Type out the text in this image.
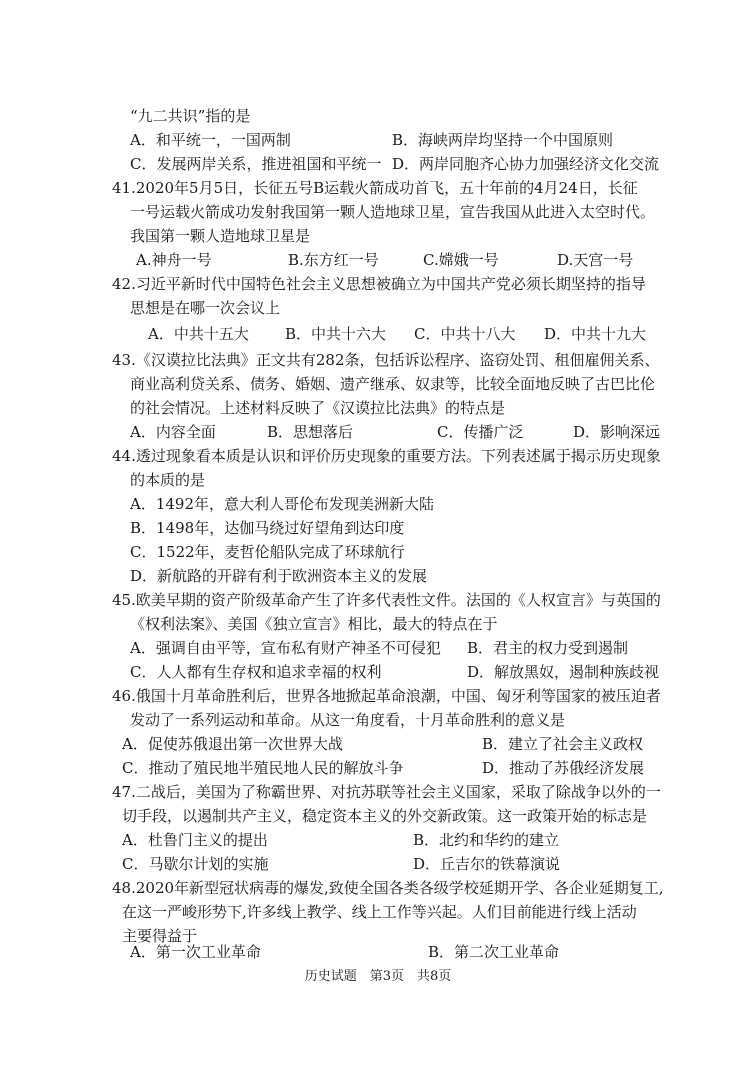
“九二共识”指的是
A．和平统一，一国两制	B．海峡两岸均坚持一个中国原则
C．发展两岸关系，推进祖国和平统一 D．两岸同胞齐心协力加强经济文化交流
41.2020年5月5日，长征五号B运载火箭成功首飞，五十年前的4月24日，长征
一号运载火箭成功发射我国第一颗人造地球卫星，宣告我国从此进入太空时代。
我国第一颗人造地球卫星是
A.神舟一号	B.东方红一号	C.嫦娥一号	D.天宫一号
42.习近平新时代中国特色社会主义思想被确立为中国共产党必须长期坚持的指导
思想是在哪一次会议上
A．中共十五大 B．中共十六大 C．中共十八大 D．中共十九大
43.《汉谟拉比法典》正文共有282条，包括诉讼程序、盗窃处罚、租佃雇佣关系、
商业高利贷关系、债务、婚姻、遗产继承、奴隶等，比较全面地反映了古巴比伦
的社会情况。上述材料反映了《汉谟拉比法典》的特点是
A．内容全面	B．思想落后	C．传播广泛	D．影响深远
44.透过现象看本质是认识和评价历史现象的重要方法。下列表述属于揭示历史现象
的本质的是
A．1492年，意大利人哥伦布发现美洲新大陆
B．1498年，达伽马绕过好望角到达印度
C．1522年，麦哲伦船队完成了环球航行
D．新航路的开辟有利于欧洲资本主义的发展
45.欧美早期的资产阶级革命产生了许多代表性文件。法国的《人权宣言》与英国的
《权利法案》、美国《独立宣言》相比，最大的特点在于
A．强调自由平等，宣布私有财产神圣不可侵犯 B．君主的权力受到遏制
C．人人都有生存权和追求幸福的权利	D．解放黑奴，遏制种族歧视
46.俄国十月革命胜利后，世界各地掀起革命浪潮，中国、匈牙利等国家的被压迫者
发动了一系列运动和革命。从这一角度看，十月革命胜利的意义是
A．促使苏俄退出第一次世界大战	B．建立了社会主义政权
C．推动了殖民地半殖民地人民的解放斗争	D．推动了苏俄经济发展
47.二战后，美国为了称霸世界、对抗苏联等社会主义国家，采取了除战争以外的一
切手段，以遏制共产主义，稳定资本主义的外交新政策。这一政策开始的标志是
A．杜鲁门主义的提出	B．北约和华约的建立
C．马歇尔计划的实施	D．丘吉尔的铁幕演说
48.2020年新型冠状病毒的爆发,致使全国各类各级学校延期开学、各企业延期复工,
在这一严峻形势下,许多线上教学、线上工作等兴起。人们目前能进行线上活动
主要得益于
A．第一次工业革命	B．第二次工业革命
历史试题　第3页　共8页
